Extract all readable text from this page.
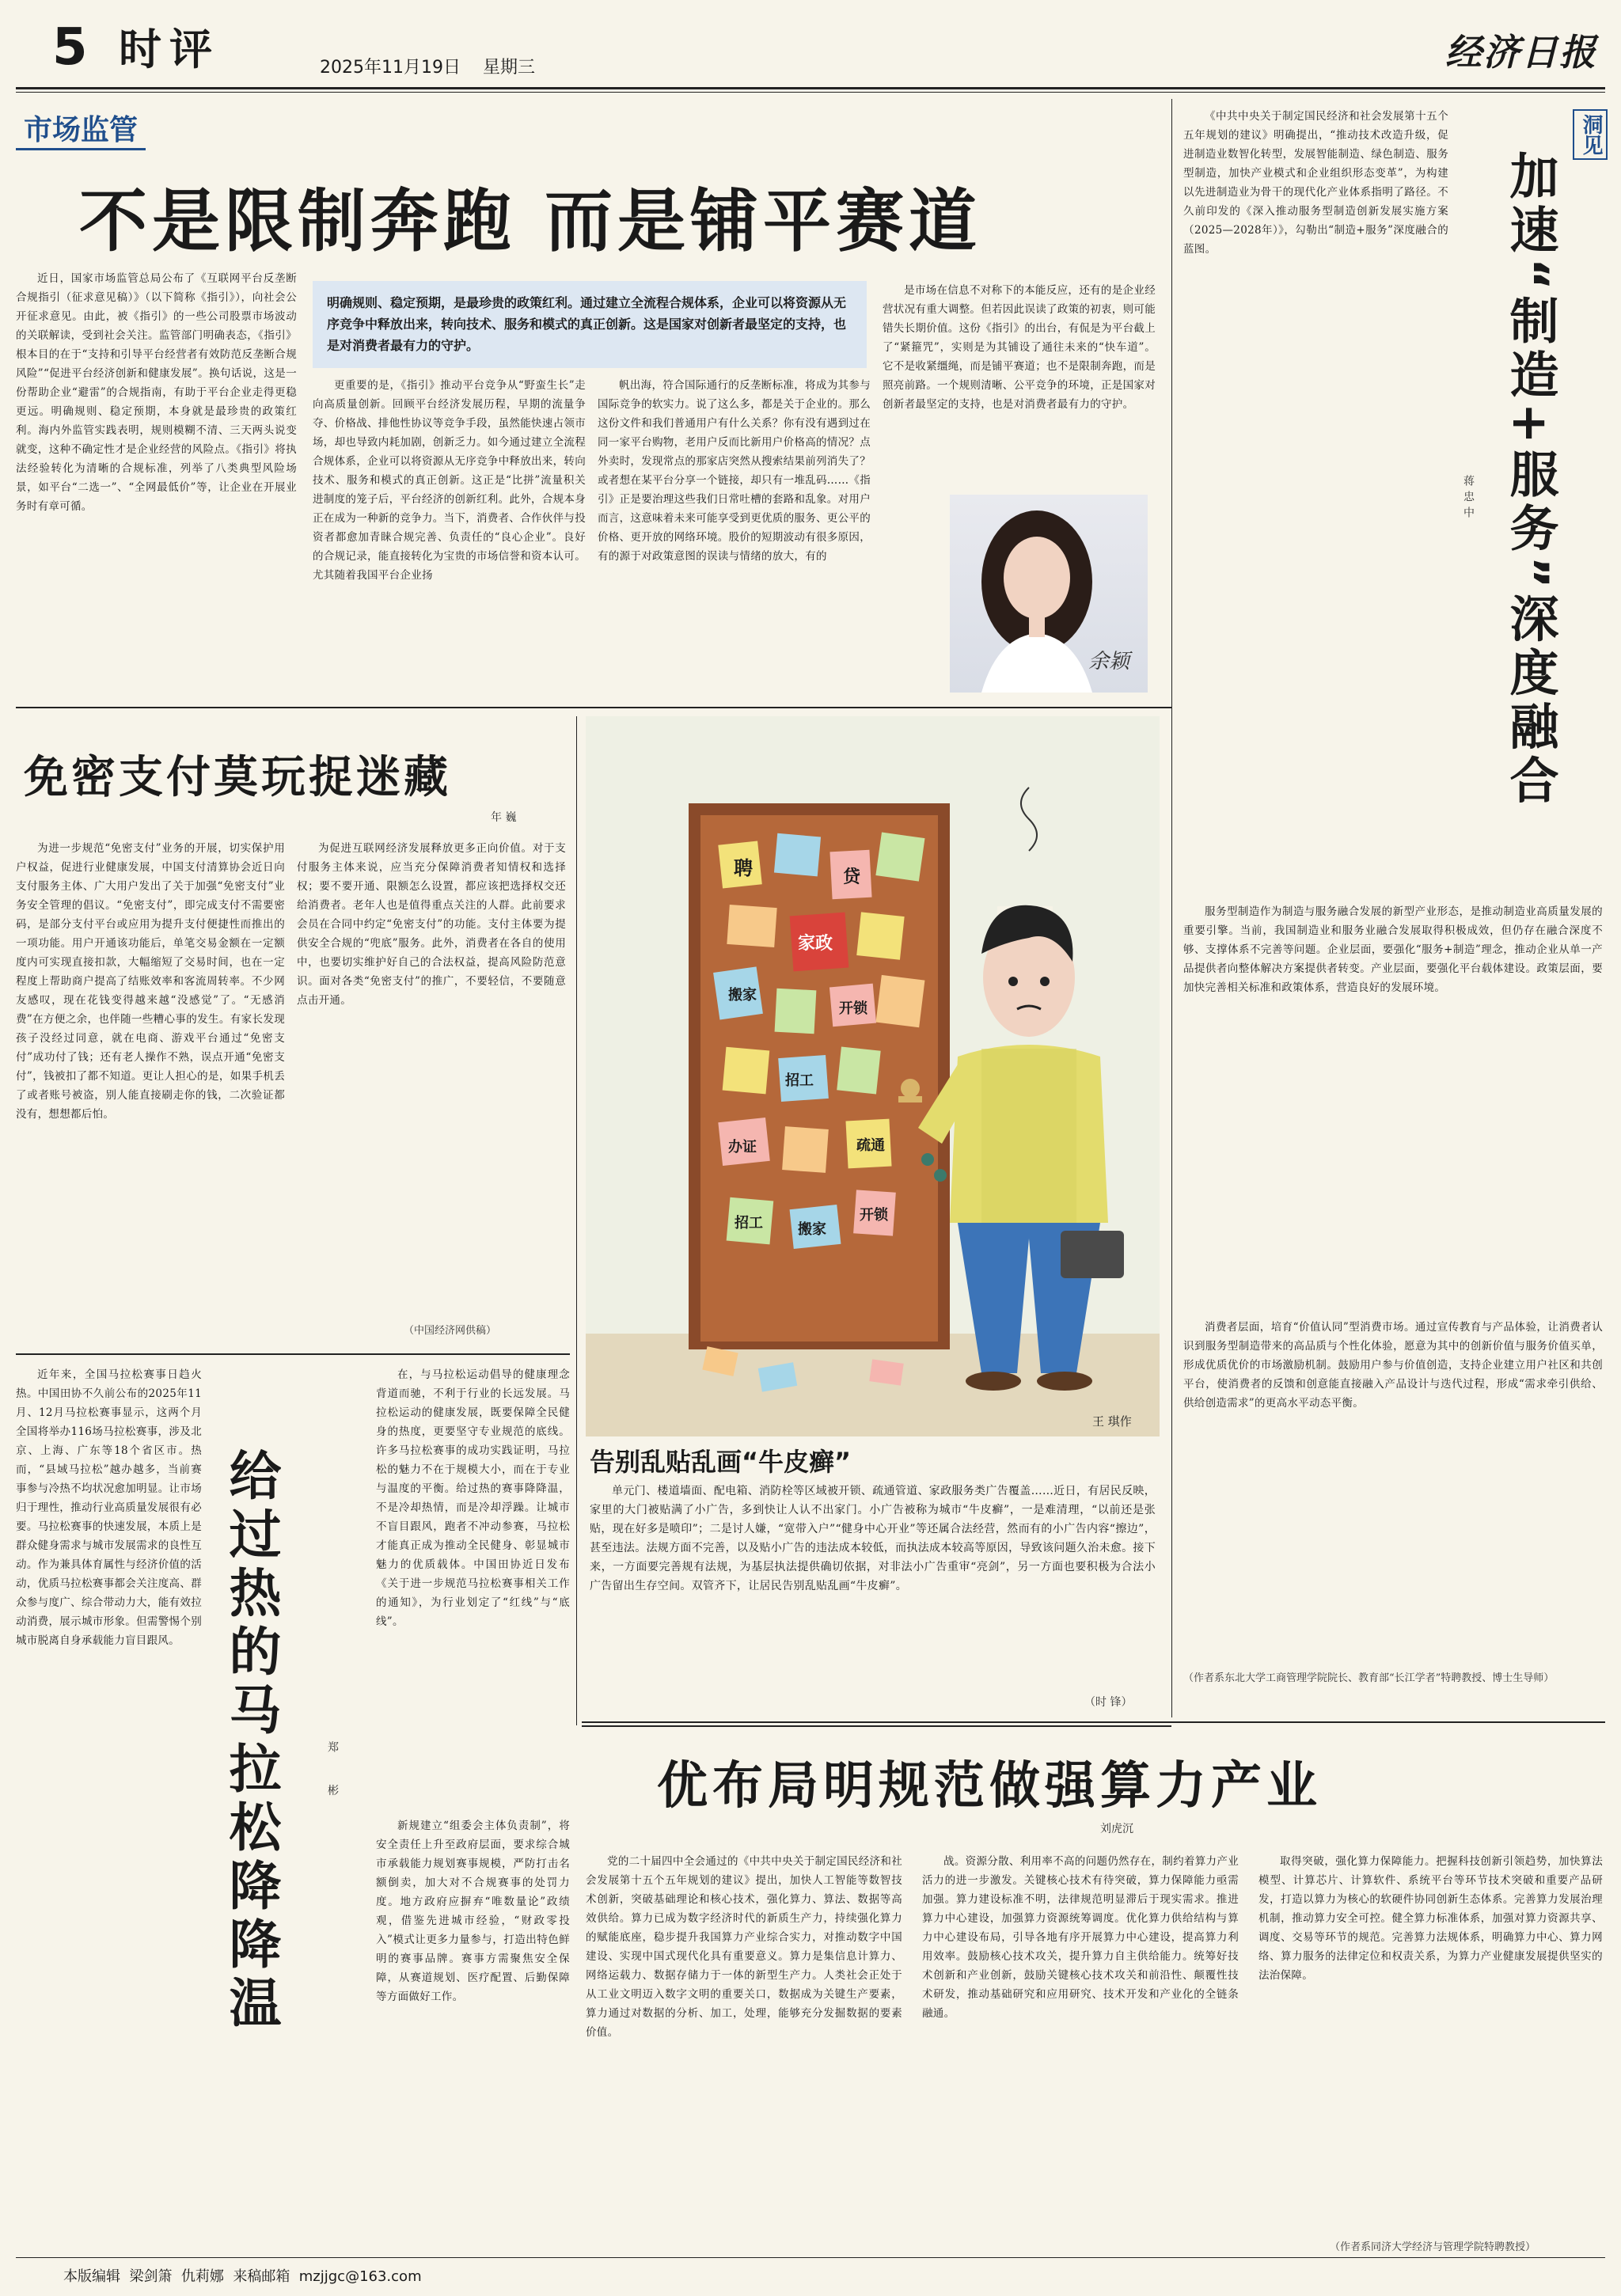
5 时评	2025年11月19日 星期三	经济日报
市场监管
不是限制奔跑 而是铺平赛道
明确规则、稳定预期，是最珍贵的政策红利。通过建立全流程合规体系，企业可以将资源从无序竞争中释放出来，转向技术、服务和模式的真正创新。这是国家对创新者最坚定的支持，也是对消费者最有力的守护。

近日，国家市场监管总局公布了《互联网平台反垄断合规指引（征求意见稿）》（以下简称《指引》），向社会公开征求意见。由此，被《指引》的一些公司股票市场波动的关联解读，受到社会关注。监管部门明确表态，《指引》根本目的在于“支持和引导平台经营者有效防范反垄断合规风险”“促进平台经济创新和健康发展”。换句话说，这是一份帮助企业“避雷”的合规指南，有助于平台企业走得更稳更远。明确规则、稳定预期，本身就是最珍贵的政策红利。海内外监管实践表明，规则模糊不清、三天两头说变就变，这种不确定性才是企业经营的风险点。《指引》将执法经验转化为清晰的合规标准，列举了八类典型风险场景，如平台“二选一”、“全网最低价”等，让企业在开展业务时有章可循。

更重要的是，《指引》推动平台竞争从“野蛮生长”走向高质量创新。回顾平台经济发展历程，早期的流量争夺、价格战、排他性协议等竞争手段，虽然能快速占领市场，却也导致内耗加剧，创新乏力。如今通过建立全流程合规体系，企业可以将资源从无序竞争中释放出来，转向技术、服务和模式的真正创新。这正是“比拼”流量积关进制度的笼子后，平台经济的创新红利。此外，合规本身正在成为一种新的竞争力。当下，消费者、合作伙伴与投资者都愈加青睐合规完善、负责任的“良心企业”。良好的合规记录，能直接转化为宝贵的市场信誉和资本认可。尤其随着我国平台企业扬

帆出海，符合国际通行的反垄断标准，将成为其参与国际竞争的软实力。说了这么多，都是关于企业的。那么这份文件和我们普通用户有什么关系？你有没有遇到过在同一家平台购物，老用户反而比新用户价格高的情况？点外卖时，发现常点的那家店突然从搜索结果前列消失了？或者想在某平台分享一个链接，却只有一堆乱码……《指引》正是要治理这些我们日常吐槽的套路和乱象。对用户而言，这意味着未来可能享受到更优质的服务、更公平的价格、更开放的网络环境。股价的短期波动有很多原因，有的源于对政策意图的误读与情绪的放大，有的

是市场在信息不对称下的本能反应，还有的是企业经营状况有重大调整。但若因此误读了政策的初衷，则可能错失长期价值。这份《指引》的出台，有侃是为平台截上了“紧箍咒”，实则是为其铺设了通往未来的“快车道”。它不是收紧缰绳，而是铺平赛道；也不是限制奔跑，而是照亮前路。一个规则清晰、公平竞争的环境，正是国家对创新者最坚定的支持，也是对消费者最有力的守护。

余颖
免密支付莫玩捉迷藏
年 巍

为进一步规范“免密支付”业务的开展，切实保护用户权益，促进行业健康发展，中国支付清算协会近日向支付服务主体、广大用户发出了关于加强“免密支付”业务安全管理的倡议。“免密支付”，即完成支付不需要密码，是部分支付平台或应用为提升支付便捷性而推出的一项功能。用户开通该功能后，单笔交易金额在一定额度内可实现直接扣款，大幅缩短了交易时间，也在一定程度上帮助商户提高了结账效率和客流周转率。不少网友感叹，现在花钱变得越来越“没感觉”了。“无感消费”在方便之余，也伴随一些糟心事的发生。有家长发现孩子没经过同意，就在电商、游戏平台通过“免密支付”成功付了钱；还有老人操作不熟，误点开通“免密支付”，钱被扣了都不知道。更让人担心的是，如果手机丢了或者账号被盗，别人能直接刷走你的钱，二次验证都没有，想想都后怕。

为促进互联网经济发展释放更多正向价值。对于支付服务主体来说，应当充分保障消费者知情权和选择权；要不要开通、限额怎么设置，都应该把选择权交还给消费者。老年人也是值得重点关注的人群。此前要求会员在合同中约定“免密支付”的功能。支付主体要为提供安全合规的“兜底”服务。此外，消费者在各自的使用中，也要切实维护好自己的合法权益，提高风险防范意识。面对各类“免密支付”的推广，不要轻信，不要随意点击开通。

（中国经济网供稿）
聘
家政
贷
搬家
招工
开锁
办证	疏通
招工 搬家
开锁
王 琪作
告别乱贴乱画“牛皮癣”

单元门、楼道墙面、配电箱、消防栓等区域被开锁、疏通管道、家政服务类广告覆盖……近日，有居民反映，家里的大门被贴满了小广告，多到快让人认不出家门。小广告被称为城市“牛皮癣”，一是难清理，“以前还是张贴，现在好多是喷印”；二是讨人嫌，“宽带入户”“健身中心开业”等还属合法经营，然而有的小广告内容“擦边”，甚至违法。法规方面不完善，以及贴小广告的违法成本较低，而执法成本较高等原因，导致该问题久治未愈。接下来，一方面要完善规有法规，为基层执法提供确切依据，对非法小广告重审“亮剑”，另一方面也要积极为合法小广告留出生存空间。双管齐下，让居民告别乱贴乱画“牛皮癣”。

（时 锋）
给过热的马拉松降降温	郑 彬

近年来，全国马拉松赛事日趋火热。中国田协不久前公布的2025年11月、12月马拉松赛事显示，这两个月全国将举办116场马拉松赛事，涉及北京、上海、广东等18个省区市。热而，“县域马拉松”越办越多，当前赛事参与冷热不均状况愈加明显。让市场归于理性，推动行业高质量发展很有必要。马拉松赛事的快速发展，本质上是群众健身需求与城市发展需求的良性互动。作为兼具体育属性与经济价值的活动，优质马拉松赛事都会关注度高、群众参与度广、综合带动力大，能有效拉动消费，展示城市形象。但需警惕个别城市脱离自身承载能力盲目跟风。

在，与马拉松运动倡导的健康理念背道而驰，不利于行业的长远发展。马拉松运动的健康发展，既要保障全民健身的热度，更要坚守专业规范的底线。许多马拉松赛事的成功实践证明，马拉松的魅力不在于规模大小，而在于专业与温度的平衡。给过热的赛事降降温，不是冷却热情，而是冷却浮躁。让城市不盲目跟风，跑者不冲动参赛，马拉松才能真正成为推动全民健身、彰显城市魅力的优质载体。中国田协近日发布《关于进一步规范马拉松赛事相关工作的通知》，为行业划定了“红线”与“底线”。

新规建立“组委会主体负责制”，将安全责任上升至政府层面，要求综合城市承载能力规划赛事规模，严防打击名额倒卖，加大对不合规赛事的处罚力度。地方政府应摒弃“唯数量论”政绩观，借鉴先进城市经验，“财政零投入”模式让更多力量参与，打造出特色鲜明的赛事品牌。赛事方需聚焦安全保障，从赛道规划、医疗配置、后勤保障等方面做好工作。

洞见
加速“制造+服务”深度融合
蒋忠中

《中共中央关于制定国民经济和社会发展第十五个五年规划的建议》明确提出，“推动技术改造升级，促进制造业数智化转型，发展智能制造、绿色制造、服务型制造，加快产业模式和企业组织形态变革”，为构建以先进制造业为骨干的现代化产业体系指明了路径。不久前印发的《深入推动服务型制造创新发展实施方案（2025—2028年）》，勾勒出“制造+服务”深度融合的蓝图。

服务型制造作为制造与服务融合发展的新型产业形态，是推动制造业高质量发展的重要引擎。当前，我国制造业和服务业融合发展取得积极成效，但仍存在融合深度不够、支撑体系不完善等问题。企业层面，要强化“服务+制造”理念，推动企业从单一产品提供者向整体解决方案提供者转变。产业层面，要强化平台载体建设。政策层面，要加快完善相关标准和政策体系，营造良好的发展环境。

消费者层面，培育“价值认同”型消费市场。通过宣传教育与产品体验，让消费者认识到服务型制造带来的高品质与个性化体验，愿意为其中的创新价值与服务价值买单，形成优质优价的市场激励机制。鼓励用户参与价值创造，支持企业建立用户社区和共创平台，使消费者的反馈和创意能直接融入产品设计与迭代过程，形成“需求牵引供给、供给创造需求”的更高水平动态平衡。

（作者系东北大学工商管理学院院长、教育部“长江学者”特聘教授、博士生导师）
优布局明规范做强算力产业
刘虎沉

党的二十届四中全会通过的《中共中央关于制定国民经济和社会发展第十五个五年规划的建议》提出，加快人工智能等数智技术创新，突破基础理论和核心技术，强化算力、算法、数据等高效供给。算力已成为数字经济时代的新质生产力，持续强化算力的赋能底座，稳步提升我国算力产业综合实力，对推动数字中国建设、实现中国式现代化具有重要意义。算力是集信息计算力、网络运载力、数据存储力于一体的新型生产力。人类社会正处于从工业文明迈入数字文明的重要关口，数据成为关键生产要素，算力通过对数据的分析、加工，处理，能够充分发掘数据的要素价值。

战。资源分散、利用率不高的问题仍然存在，制约着算力产业活力的进一步激发。关键核心技术有待突破，算力保障能力亟需加强。算力建设标准不明，法律规范明显滞后于现实需求。推进算力中心建设，加强算力资源统筹调度。优化算力供给结构与算力中心建设布局，引导各地有序开展算力中心建设，提高算力利用效率。鼓励核心技术攻关，提升算力自主供给能力。统筹好技术创新和产业创新，鼓励关键核心技术攻关和前沿性、颠覆性技术研发，推动基础研究和应用研究、技术开发和产业化的全链条融通。

取得突破，强化算力保障能力。把握科技创新引领趋势，加快算法模型、计算芯片、计算软件、系统平台等环节技术突破和重要产品研发，打造以算力为核心的软硬件协同创新生态体系。完善算力发展治理机制，推动算力安全可控。健全算力标准体系，加强对算力资源共享、调度、交易等环节的规范。完善算力法规体系，明确算力中心、算力网络、算力服务的法律定位和权责关系，为算力产业健康发展提供坚实的法治保障。

（作者系同济大学经济与管理学院特聘教授）
本版编辑  梁剑箫  仇莉娜  来稿邮箱  mzjjgc@163.com
